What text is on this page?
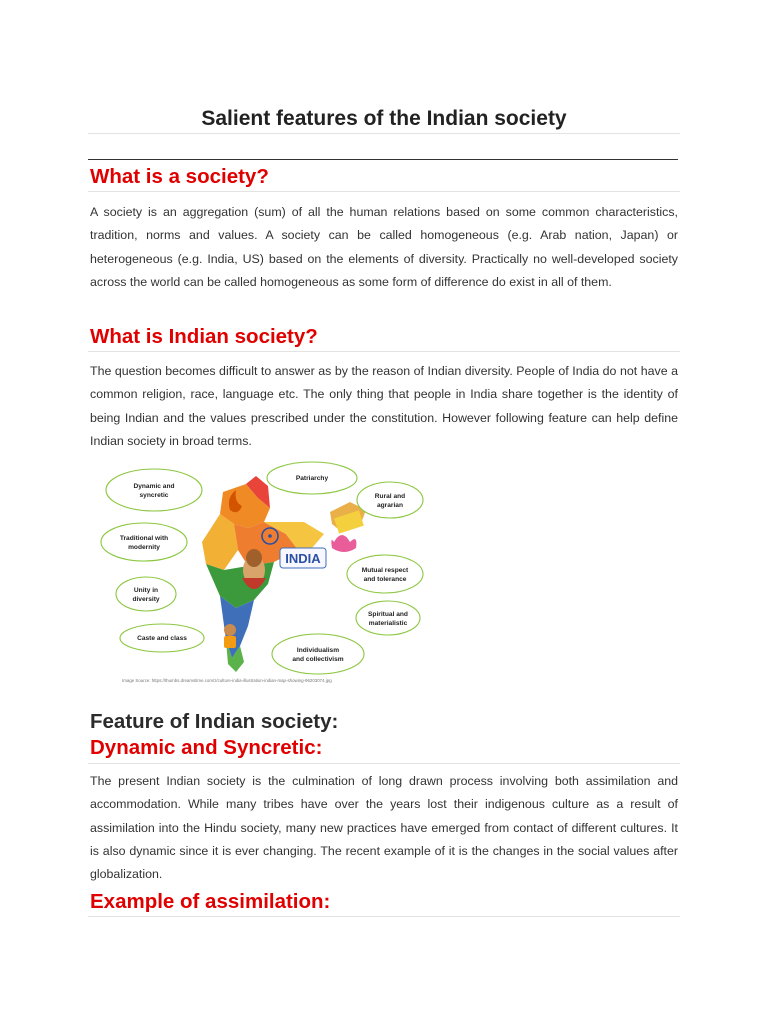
Salient features of the Indian society
What is a society?

A society is an aggregation (sum) of all the human relations based on some common characteristics, tradition, norms and values. A society can be called homogeneous (e.g. Arab nation, Japan) or heterogeneous (e.g. India, US) based on the elements of diversity. Practically no well-developed society across the world can be called homogeneous as some form of difference do exist in all of them.

What is Indian society?

The question becomes difficult to answer as by the reason of Indian diversity. People of India do not have a common religion, race, language etc. The only thing that people in India share together is the identity of being Indian and the values prescribed under the constitution. However following feature can help define Indian society in broad terms.

INDIA
Dynamic and
syncretic
Patriarchy
Rural and
agrarian
Traditional with
modernity
Mutual respect
and tolerance
Unity in
diversity
Spiritual and
materialistic
Caste and class
Individualism
and collectivism
Image Source: https://thumbs.dreamstime.com/z/culture-india-illustration-indian-map-showing-96203074.jpg
Feature of Indian society:
Dynamic and Syncretic:

The present Indian society is the culmination of long drawn process involving both assimilation and accommodation. While many tribes have over the years lost their indigenous culture as a result of assimilation into the Hindu society, many new practices have emerged from contact of different cultures. It is also dynamic since it is ever changing. The recent example of it is the changes in the social values after globalization.

Example of assimilation:
